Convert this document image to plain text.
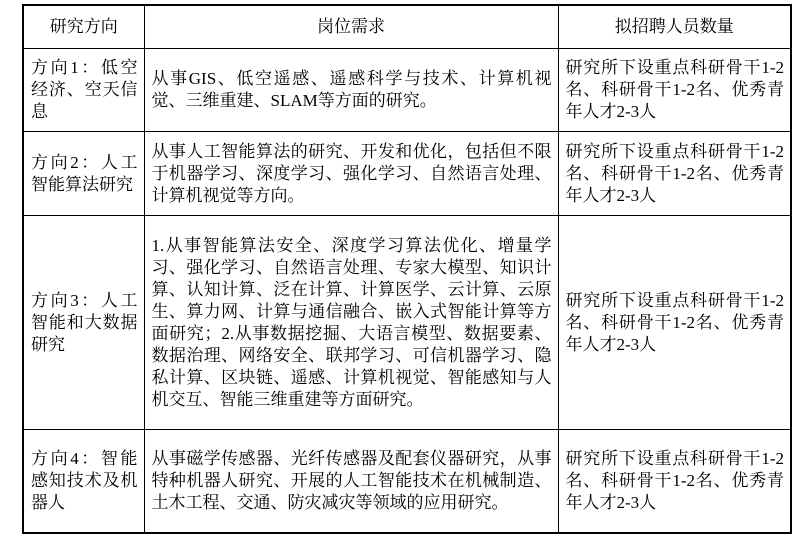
研究方向	岗位需求	拟招聘人员数量
方向1：低空经济、空天信息	从事GIS、低空遥感、遥感科学与技术、计算机视觉、三维重建、SLAM等方面的研究。	研究所下设重点科研骨干1-2名、科研骨干1-2名、优秀青年人才2-3人
方向2：人工智能算法研究	从事人工智能算法的研究、开发和优化，包括但不限于机器学习、深度学习、强化学习、自然语言处理、计算机视觉等方向。	研究所下设重点科研骨干1-2名、科研骨干1-2名、优秀青年人才2-3人
方向3：人工智能和大数据研究	1.从事智能算法安全、深度学习算法优化、增量学习、强化学习、自然语言处理、专家大模型、知识计算、认知计算、泛在计算、计算医学、云计算、云原生、算力网、计算与通信融合、嵌入式智能计算等方面研究；2.从事数据挖掘、大语言模型、数据要素、数据治理、网络安全、联邦学习、可信机器学习、隐私计算、区块链、遥感、计算机视觉、智能感知与人机交互、智能三维重建等方面研究。	研究所下设重点科研骨干1-2名、科研骨干1-2名、优秀青年人才2-3人
方向4：智能感知技术及机器人	从事磁学传感器、光纤传感器及配套仪器研究，从事特种机器人研究、开展的人工智能技术在机械制造、土木工程、交通、防灾减灾等领域的应用研究。	研究所下设重点科研骨干1-2名、科研骨干1-2名、优秀青年人才2-3人
